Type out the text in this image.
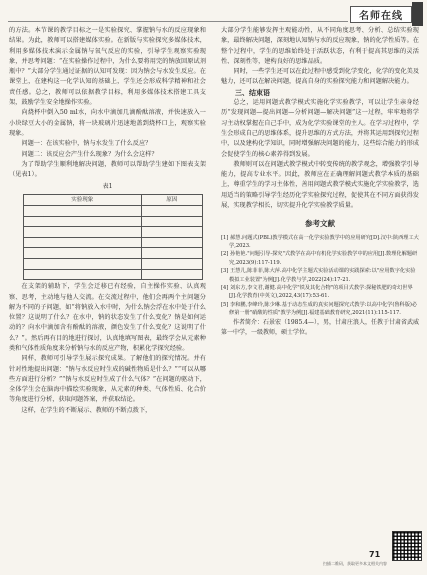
名师在线

的方法。本节课的教学目标之一是实验探究、掌握钠与水的反应现象和结果。为此，教师可以搭建媒体实验。在新版与实验探究多媒体技术，利用多媒体技术演示金属钠与氧气反应的实验，引导学生观察实验现象，并思考问题：“在实验操作过程中，为什么要将用完的钠放回原试剂瓶中？”大部分学生通过证据的认知可发现：因为钠会与水发生反应。在课堂上，在建构这一化学认知的基础上，学生还会形成科学精神和社会责任感。总之，教师可以依据教学目标，利用多媒体技术搭建工具支架，鼓励学生安全地操作实验。

向烧杯中倒入50 ml水，向水中滴加几滴酚酞溶液，并快速放入一小块绿豆大小的金属钠，将一块玻璃片迅速地盖到烧杯口上，观察实验现象。

问题一：在该实验中，钠与水发生了什么反应？

问题二：该反应会产生什么现象？为什么会这样？

为了帮助学生顺利地解决问题，教师可以帮助学生建如下图表支架（见表1）。

表1
实验现象	原因

在支架的辅助下，学生会迁移已有经验，自主操作实验、认真观察、思考，主动地与他人交流。在交流过程中，他们会再两个主问题分解为不同的子问题，如“将钠放入水中时，为什么钠会浮在水中处于什么位置？这说明了什么？在水中，钠的状态发生了什么变化？钠是如何运动的？向水中滴加含有酚酞的溶液，颜色发生了什么变化？这说明了什么？”。然后再有目的地进行探讨，认真地填写图表，最终学会从元素种类和气体性质角度来分析钠与水的反应产物，积累化学探究经验。

同样，教师可引导学生展示探究成果。了解他们的探究情况。并有针对性地提出问题：“钠与水反应时生成的碱性物质是什么？”“可以从哪些方面进行分析？”“钠与水反应时生成了什么气体？”在问题的驱动下，全体学生会在脑海中描绘实验现象，从元素的种类、气体性质、化合价等角度进行分析，获取问题答案，并获取结论。

这样，在学生的不断展示、教师的不断点拨下，

大部分学生能够发挥主观能动性，从不同角度思考、分析、总结实验现象，最终解决问题，深刻地认知钠与水的反应现象，钠的化学性质等。在整个过程中，学生的思维始终处于活跃状态，有利于提高其思维的灵活性、深刻性等，建构良好的思维品质。

同时，一些学生还可以在此过程中感受到化学变化，化学的变化美及魅力，还可以在解决问题，提高自身的实验探究能力和问题解决能力。

三、结束语

总之，运用问题式教学模式实施化学实验教学，可以让学生亲身经历“发现问题—提出问题—分析问题—解决问题”这一过程，牢牢地将学习主动权掌握在自己手中，成为化学实验课堂的主人。在学习过程中，学生会形成自己的思维体系，提升思维的方式方法，并将其运用到探究过程中，以及建构化学知识，同时增强解决问题的能力，这些综合能力的形成会促使学生的核心素养得到发展。

教师则可以在问题式教学模式中转变传统的教学观念，增强教学引导能力，提高专业水平。因此，教师应在正确理解问题式教学本质的基础上，尊重学生的学习主体性，善用问题式教学模式实施化学实验教学，选用适当的策略引导学生经历化学实验探究过程，促使其在不同方面获得发展，实现教学相长，切实提升化学实验教学质量。

参考文献
[1] 郝慧.问题式(PBL)教学模式在高一化学实验教学中的应用研究[D].汉中:陕西理工大学,2023.
[2] 孙艳艳."问题引导-探究"式教学在高中有机化学实验教学中的应用[J].数理化解题研究,2023(9):117-119.
[3] 王慧儿,陈菲菲,陈大萍.高中化学主题式实验活动课的实践探索:以"应用数字化实验模拟工业装置"为例[J].化学教与学,2022(24):17-21.
[4] 刘东方,李文君,谢健.高中化学"铁及其化合物"的项目式教学:探秘铁肥的奇幻世界[J].化学教育(中英文),2022,43(17):53-61.
[5] 李和鹏,李峰玲,陈少琳.基于动态生成的真实问题探究式教学:以高中化学(鲁科版)必修第一册"硝酸的性质"教学为例[J].福建基础教育研究,2021(11):115-117.

作者简介：石景宏（1985.4—），男，甘肃庄浪人，任教于甘肃省武威第一中学，一级教师，硕士学位。

71
扫描二维码，获取更多本文相关内容
